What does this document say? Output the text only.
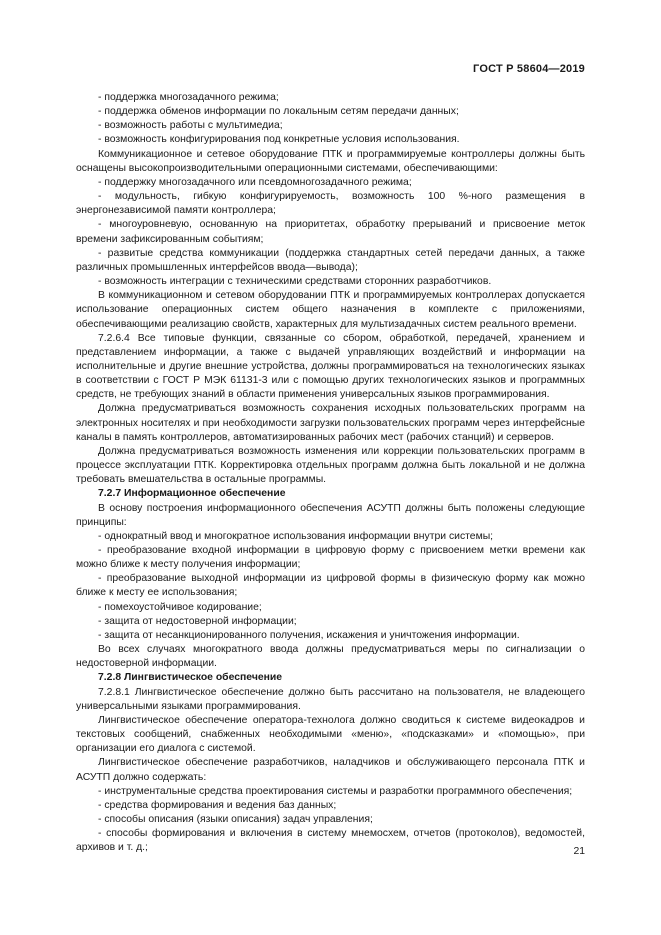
ГОСТ Р 58604—2019

- поддержка многозадачного режима;

- поддержка обменов информации по локальным сетям передачи данных;

- возможность работы с мультимедиа;

- возможность конфигурирования под конкретные условия использования.

Коммуникационное и сетевое оборудование ПТК и программируемые контроллеры должны быть оснащены высокопроизводительными операционными системами, обеспечивающими:

- поддержку многозадачного или псевдомногозадачного режима;

- модульность, гибкую конфигурируемость, возможность 100 %-ного размещения в энергонезависимой памяти контроллера;

- многоуровневую, основанную на приоритетах, обработку прерываний и присвоение меток времени зафиксированным событиям;

- развитые средства коммуникации (поддержка стандартных сетей передачи данных, а также различных промышленных интерфейсов ввода—вывода);

- возможность интеграции с техническими средствами сторонних разработчиков.

В коммуникационном и сетевом оборудовании ПТК и программируемых контроллерах допускается использование операционных систем общего назначения в комплекте с приложениями, обеспечивающими реализацию свойств, характерных для мультизадачных систем реального времени.

7.2.6.4 Все типовые функции, связанные со сбором, обработкой, передачей, хранением и представлением информации, а также с выдачей управляющих воздействий и информации на исполнительные и другие внешние устройства, должны программироваться на технологических языках в соответствии с ГОСТ Р МЭК 61131-3 или с помощью других технологических языков и программных средств, не требующих знаний в области применения универсальных языков программирования.

Должна предусматриваться возможность сохранения исходных пользовательских программ на электронных носителях и при необходимости загрузки пользовательских программ через интерфейсные каналы в память контроллеров, автоматизированных рабочих мест (рабочих станций) и серверов.

Должна предусматриваться возможность изменения или коррекции пользовательских программ в процессе эксплуатации ПТК. Корректировка отдельных программ должна быть локальной и не должна требовать вмешательства в остальные программы.

7.2.7 Информационное обеспечение

В основу построения информационного обеспечения АСУТП должны быть положены следующие принципы:

- однократный ввод и многократное использования информации внутри системы;

- преобразование входной информации в цифровую форму с присвоением метки времени как можно ближе к месту получения информации;

- преобразование выходной информации из цифровой формы в физическую форму как можно ближе к месту ее использования;

- помехоустойчивое кодирование;

- защита от недостоверной информации;

- защита от несанкционированного получения, искажения и уничтожения информации.

Во всех случаях многократного ввода должны предусматриваться меры по сигнализации о недостоверной информации.

7.2.8 Лингвистическое обеспечение

7.2.8.1 Лингвистическое обеспечение должно быть рассчитано на пользователя, не владеющего универсальными языками программирования.

Лингвистическое обеспечение оператора-технолога должно сводиться к системе видеокадров и текстовых сообщений, снабженных необходимыми «меню», «подсказками» и «помощью», при организации его диалога с системой.

Лингвистическое обеспечение разработчиков, наладчиков и обслуживающего персонала ПТК и АСУТП должно содержать:

- инструментальные средства проектирования системы и разработки программного обеспечения;

- средства формирования и ведения баз данных;

- способы описания (языки описания) задач управления;

- способы формирования и включения в систему мнемосхем, отчетов (протоколов), ведомостей, архивов и т. д.;	21
